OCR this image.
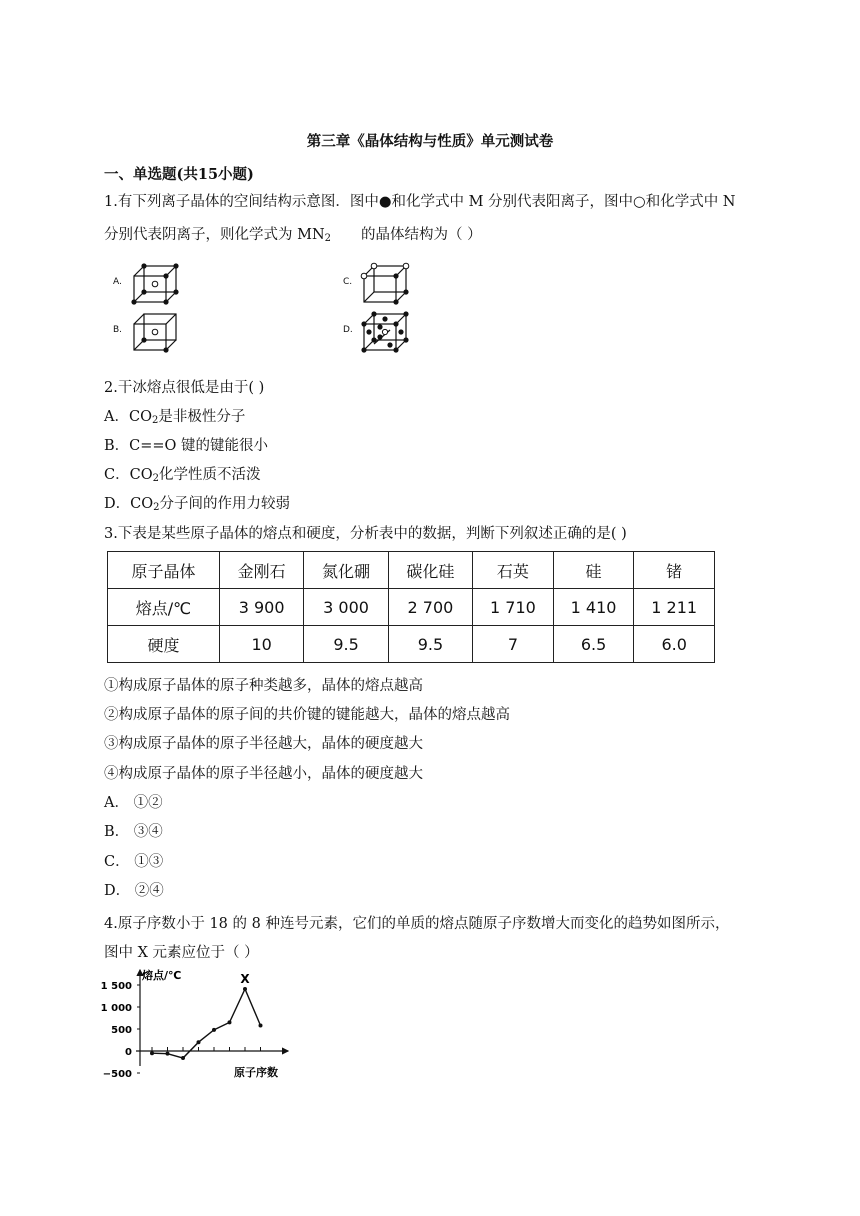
第三章《晶体结构与性质》单元测试卷
一、单选题(共15小题)
1.有下列离子晶体的空间结构示意图．图中●和化学式中 M 分别代表阳离子，图中○和化学式中 N
分别代表阴离子，则化学式为 $MN_2$ 的晶体结构为（ ）
A.
B.
C.
D.
2.干冰熔点很低是由于( )
A．$CO_2$是非极性分子
B．C==O 键的键能很小
C．$CO_2$化学性质不活泼
D．$CO_2$分子间的作用力较弱
3.下表是某些原子晶体的熔点和硬度，分析表中的数据，判断下列叙述正确的是( )
原子晶体	金刚石	氮化硼	碳化硅	石英	硅	锗
熔点/℃	3 900	3 000	2 700	1 710	1 410	1 211
硬度	10	9.5	9.5	7	6.5	6.0
①构成原子晶体的原子种类越多，晶体的熔点越高
②构成原子晶体的原子间的共价键的键能越大，晶体的熔点越高
③构成原子晶体的原子半径越大，晶体的硬度越大
④构成原子晶体的原子半径越小，晶体的硬度越大
A． ①②
B． ③④
C． ①③
D． ②④
4.原子序数小于 18 的 8 种连号元素，它们的单质的熔点随原子序数增大而变化的趋势如图所示，
图中 X 元素应位于（ ）
熔点/℃
原子序数
1 500
1 000
500
0
−500
X
